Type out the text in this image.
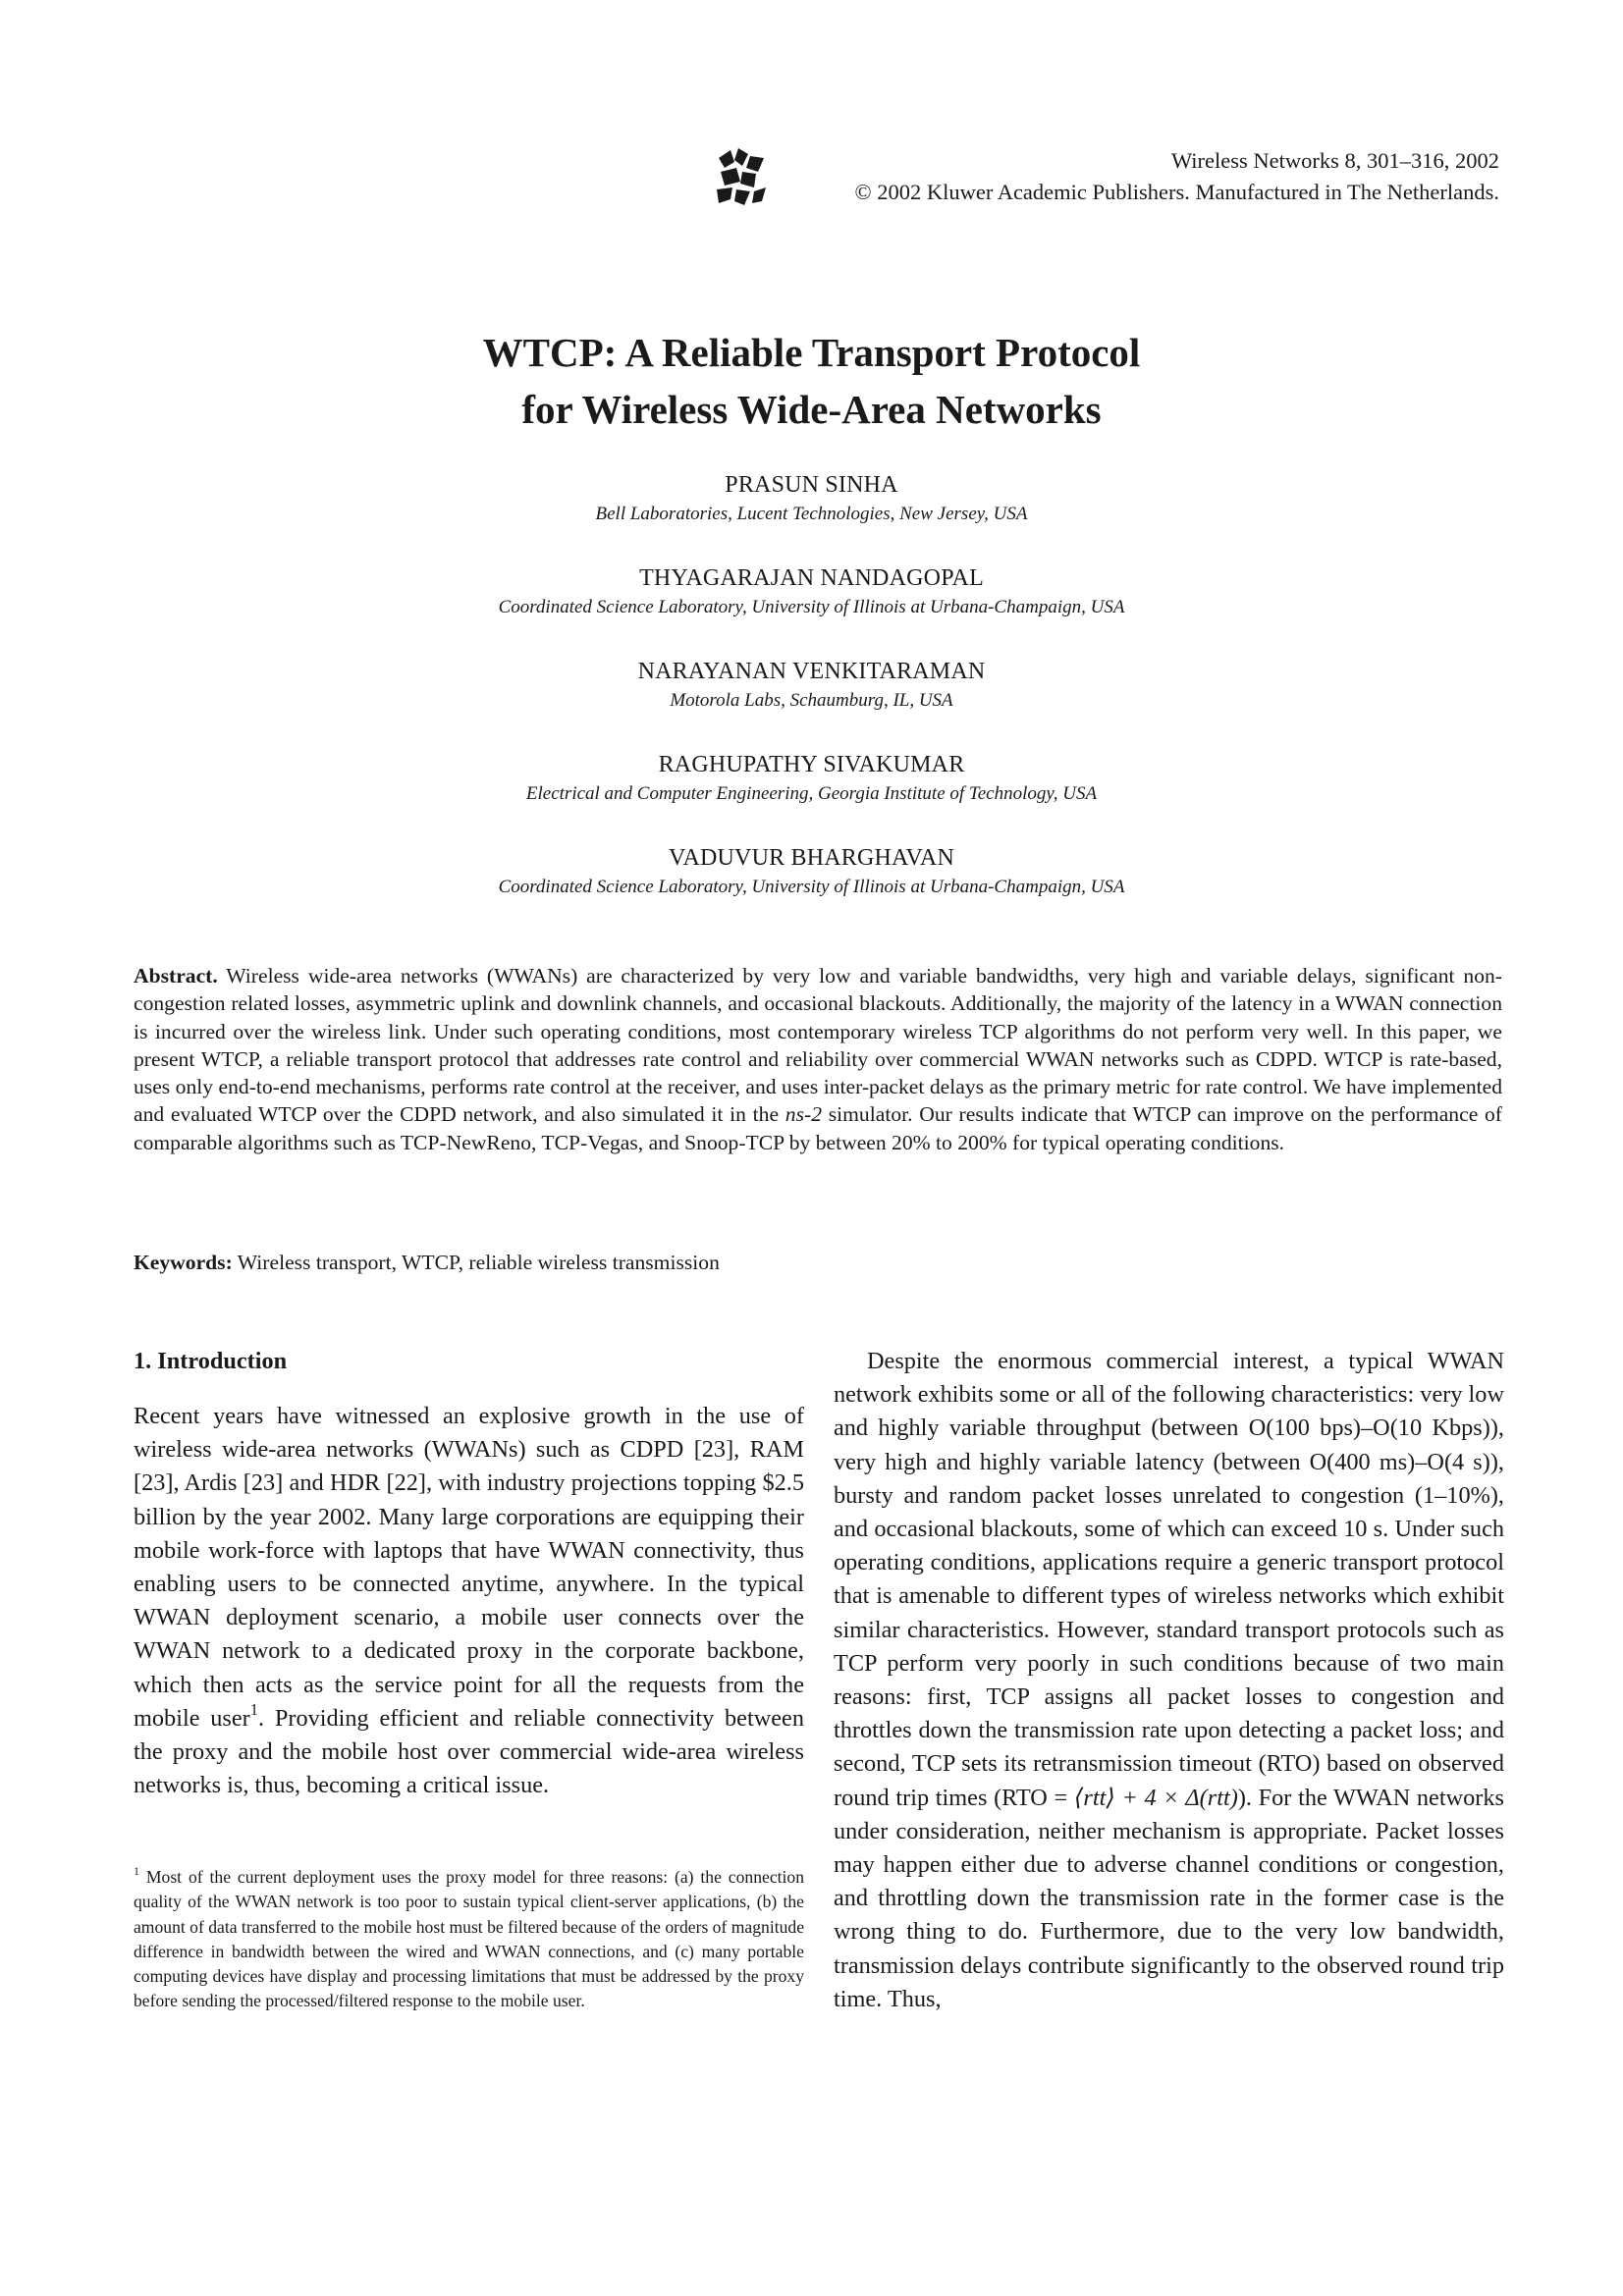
Wireless Networks 8, 301–316, 2002
© 2002 Kluwer Academic Publishers. Manufactured in The Netherlands.
WTCP: A Reliable Transport Protocol
for Wireless Wide-Area Networks
PRASUN SINHA
Bell Laboratories, Lucent Technologies, New Jersey, USA
THYAGARAJAN NANDAGOPAL
Coordinated Science Laboratory, University of Illinois at Urbana-Champaign, USA
NARAYANAN VENKITARAMAN
Motorola Labs, Schaumburg, IL, USA
RAGHUPATHY SIVAKUMAR
Electrical and Computer Engineering, Georgia Institute of Technology, USA
VADUVUR BHARGHAVAN
Coordinated Science Laboratory, University of Illinois at Urbana-Champaign, USA

Abstract. Wireless wide-area networks (WWANs) are characterized by very low and variable bandwidths, very high and variable delays, significant non-congestion related losses, asymmetric uplink and downlink channels, and occasional blackouts. Additionally, the majority of the latency in a WWAN connection is incurred over the wireless link. Under such operating conditions, most contemporary wireless TCP algorithms do not perform very well. In this paper, we present WTCP, a reliable transport protocol that addresses rate control and reliability over commercial WWAN networks such as CDPD. WTCP is rate-based, uses only end-to-end mechanisms, performs rate control at the receiver, and uses inter-packet delays as the primary metric for rate control. We have implemented and evaluated WTCP over the CDPD network, and also simulated it in the ns-2 simulator. Our results indicate that WTCP can improve on the performance of comparable algorithms such as TCP-NewReno, TCP-Vegas, and Snoop-TCP by between 20% to 200% for typical operating conditions.

Keywords: Wireless transport, WTCP, reliable wireless transmission
1. Introduction

Recent years have witnessed an explosive growth in the use of wireless wide-area networks (WWANs) such as CDPD [23], RAM [23], Ardis [23] and HDR [22], with industry projections topping $2.5 billion by the year 2002. Many large corporations are equipping their mobile work-force with laptops that have WWAN connectivity, thus enabling users to be connected anytime, anywhere. In the typical WWAN deployment scenario, a mobile user connects over the WWAN network to a dedicated proxy in the corporate backbone, which then acts as the service point for all the requests from the mobile user$^1$. Providing efficient and reliable connectivity between the proxy and the mobile host over commercial wide-area wireless networks is, thus, becoming a critical issue.

Despite the enormous commercial interest, a typical WWAN network exhibits some or all of the following characteristics: very low and highly variable throughput (between O(100 bps)–O(10 Kbps)), very high and highly variable latency (between O(400 ms)–O(4 s)), bursty and random packet losses unrelated to congestion (1–10%), and occasional blackouts, some of which can exceed 10 s. Under such operating conditions, applications require a generic transport protocol that is amenable to different types of wireless networks which exhibit similar characteristics. However, standard transport protocols such as TCP perform very poorly in such conditions because of two main reasons: first, TCP assigns all packet losses to congestion and throttles down the transmission rate upon detecting a packet loss; and second, TCP sets its retransmission timeout (RTO) based on observed round trip times (RTO = ⟨rtt⟩ + 4 × Δ(rtt)). For the WWAN networks under consideration, neither mechanism is appropriate. Packet losses may happen either due to adverse channel conditions or congestion, and throttling down the transmission rate in the former case is the wrong thing to do. Furthermore, due to the very low bandwidth, transmission delays contribute significantly to the observed round trip time. Thus,

$^1$ Most of the current deployment uses the proxy model for three reasons: (a) the connection quality of the WWAN network is too poor to sustain typical client-server applications, (b) the amount of data transferred to the mobile host must be filtered because of the orders of magnitude difference in bandwidth between the wired and WWAN connections, and (c) many portable computing devices have display and processing limitations that must be addressed by the proxy before sending the processed/filtered response to the mobile user.
